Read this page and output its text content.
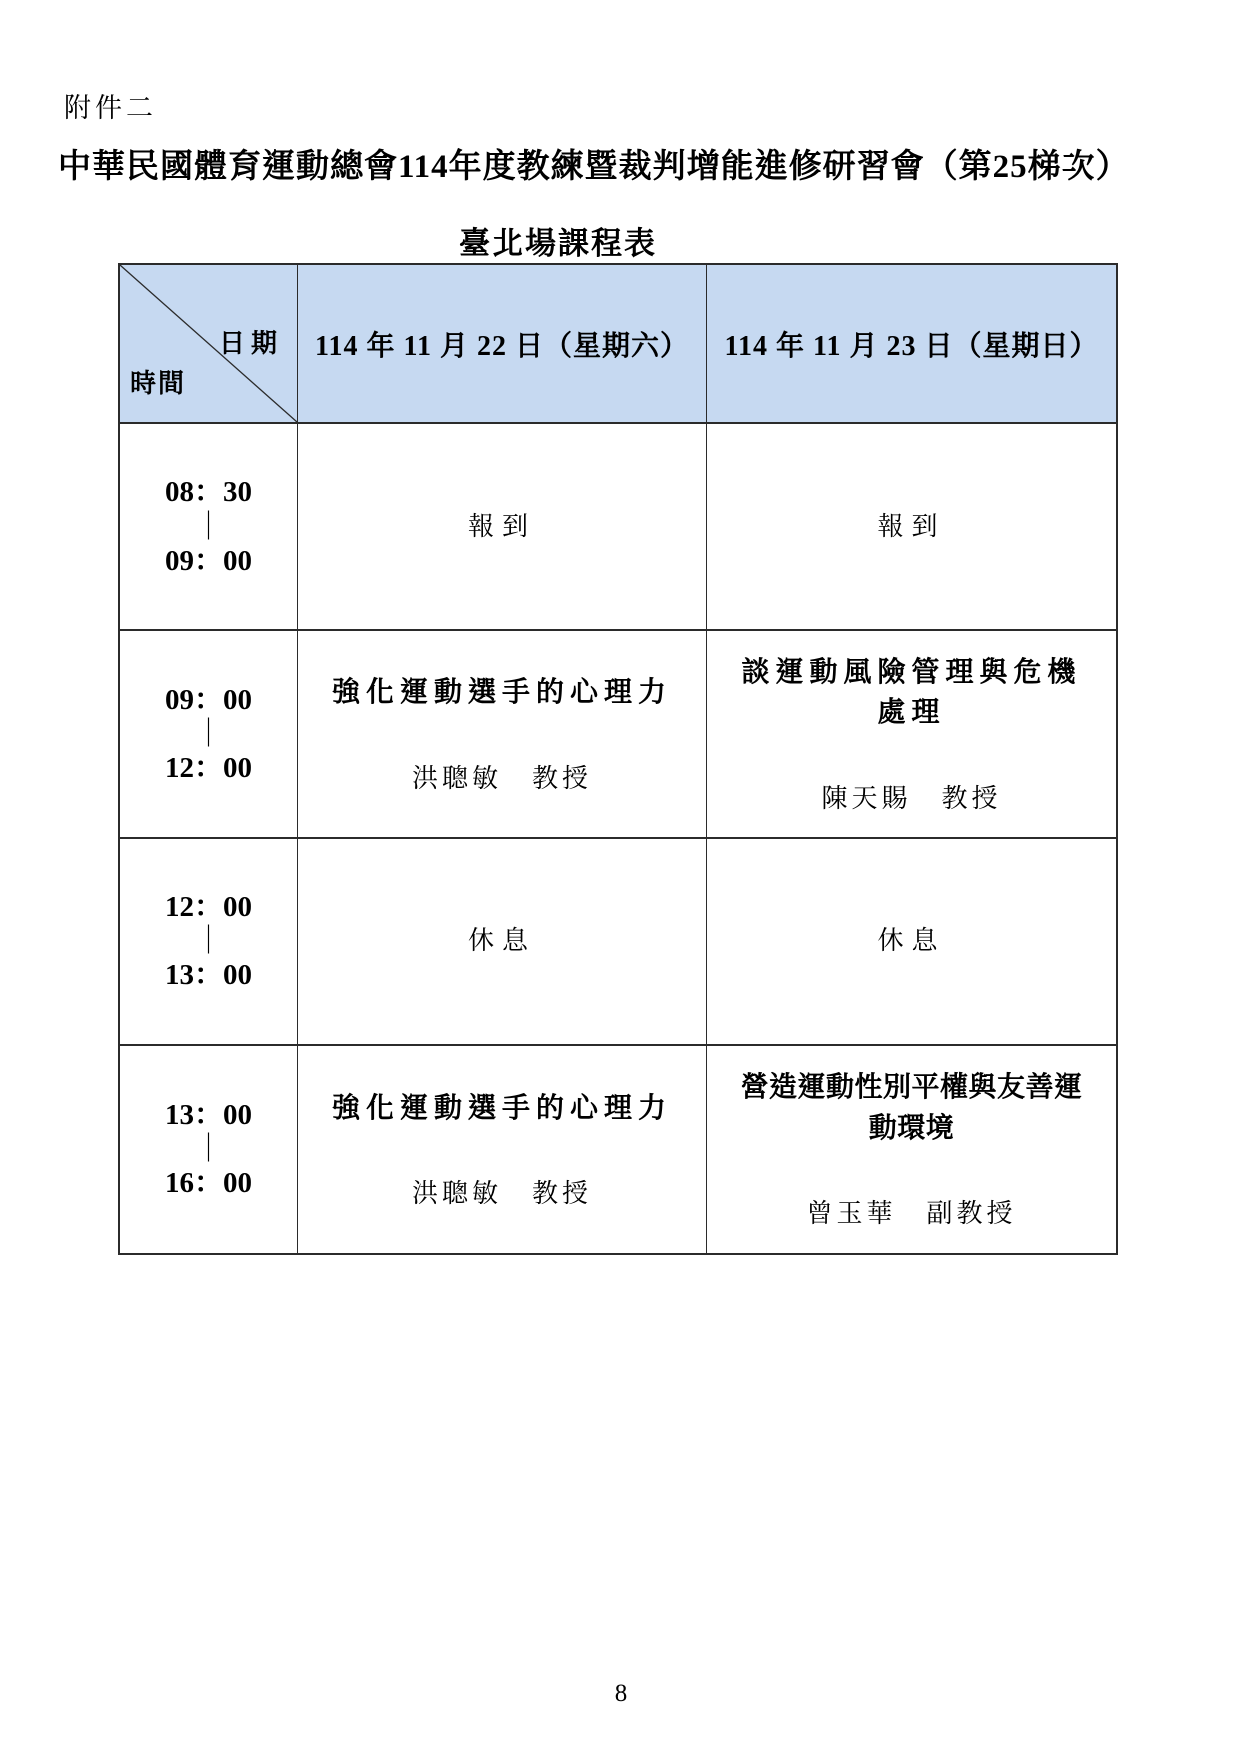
附件二
中華民國體育運動總會114年度教練暨裁判增能進修研習會（第25梯次）
臺北場課程表
日期
時間
114 年 11 月 22 日（星期六） 114 年 11 月 23 日（星期日）
08：30
｜
09：00
報到	報到
09：00
｜
12：00
強化運動選手的心理力
洪聰敏　教授
談運動風險管理與危機處理
陳天賜　教授
12：00
｜
13：00
休息	休息
13：00
｜
16：00
強化運動選手的心理力
洪聰敏　教授
營造運動性別平權與友善運動環境
曾玉華　副教授
8
